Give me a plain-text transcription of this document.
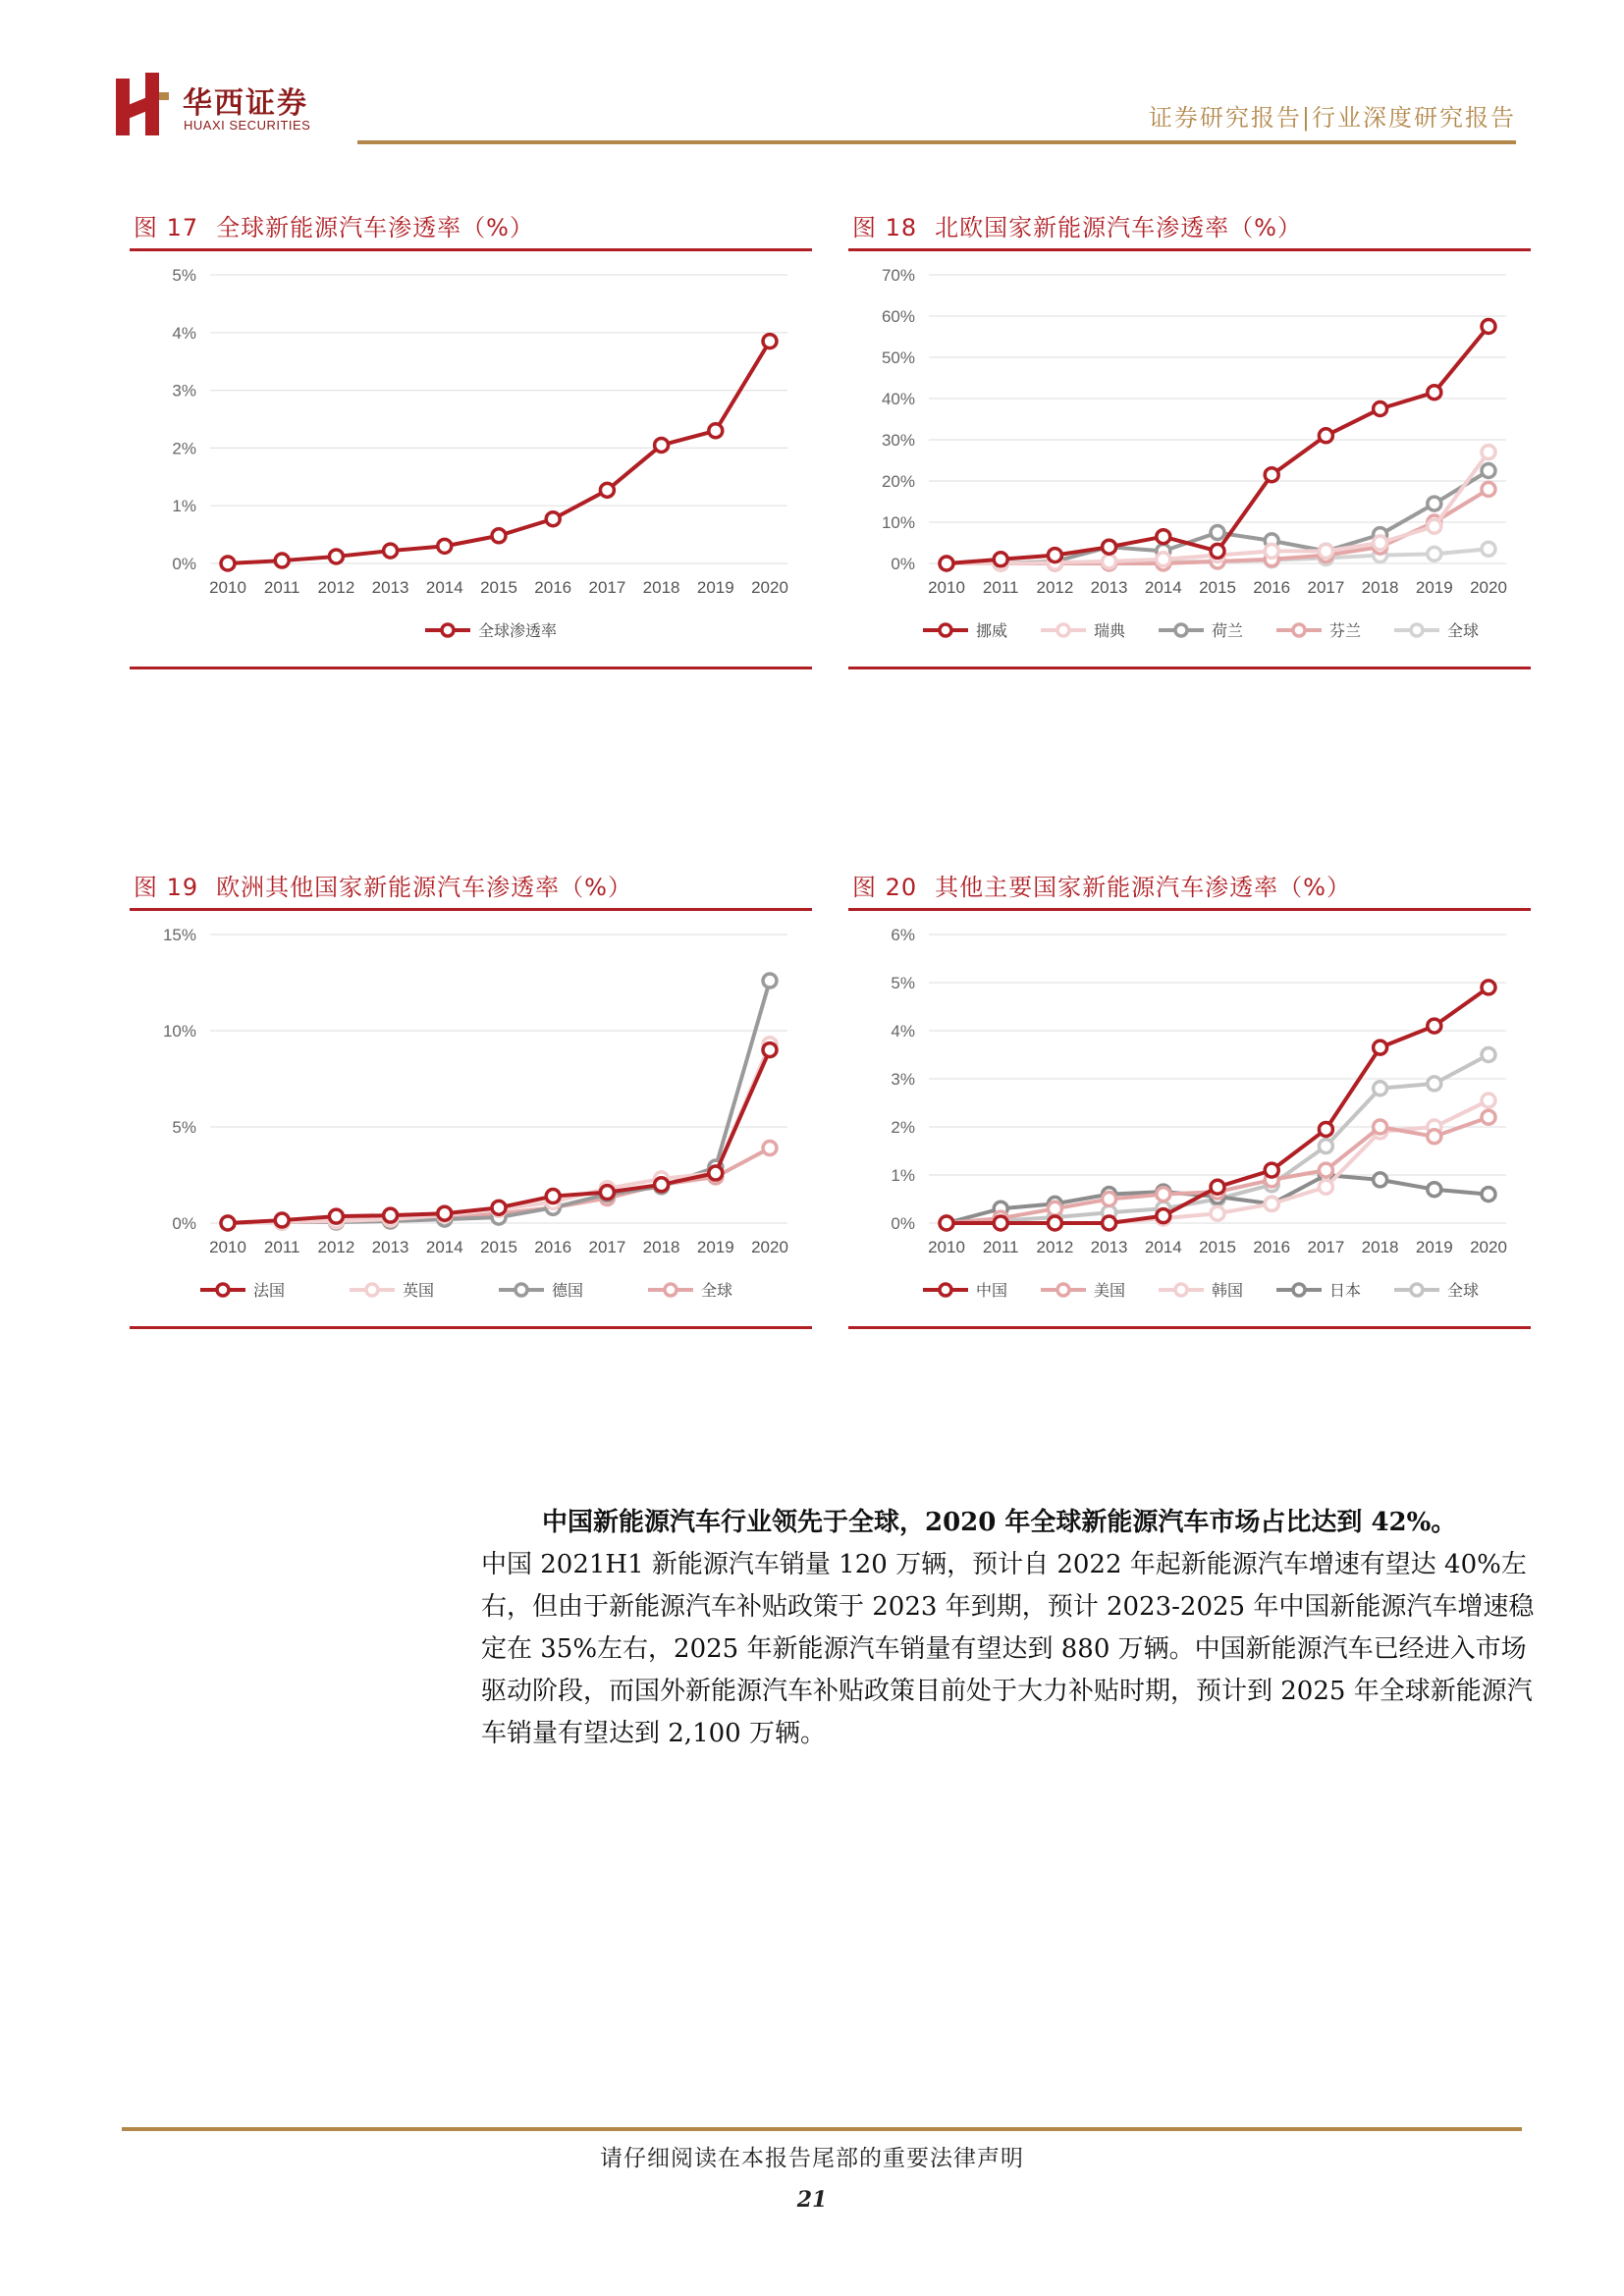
华西证券
HUAXI SECURITIES	证券研究报告|行业深度研究报告
图 17 全球新能源汽车渗透率（%）
0%
1%
2%
3%
4%
5%
2010 2011 2012 2013 2014 2015 2016 2017 2018 2019 2020
全球渗透率
图 18 北欧国家新能源汽车渗透率（%）
0%
10%
20%
30%
40%
50%
60%
70%
2010 2011 2012 2013 2014 2015 2016 2017 2018 2019 2020
挪威	瑞典	荷兰	芬兰	全球
图 19 欧洲其他国家新能源汽车渗透率（%）
0%
5%
10%
15%
2010 2011 2012 2013 2014 2015 2016 2017 2018 2019 2020
法国	英国	德国	全球
图 20 其他主要国家新能源汽车渗透率（%）
0%
1%
2%
3%
4%
5%
6%
2010 2011 2012 2013 2014 2015 2016 2017 2018 2019 2020
中国	美国	韩国	日本	全球

中国新能源汽车行业领先于全球，2020 年全球新能源汽车市场占比达到 42%。

中国 2021H1 新能源汽车销量 120 万辆，预计自 2022 年起新能源汽车增速有望达 40%左右，但由于新能源汽车补贴政策于 2023 年到期，预计 2023-2025 年中国新能源汽车增速稳定在 35%左右，2025 年新能源汽车销量有望达到 880 万辆。中国新能源汽车已经进入市场驱动阶段，而国外新能源汽车补贴政策目前处于大力补贴时期，预计到 2025 年全球新能源汽车销量有望达到 2,100 万辆。

请仔细阅读在本报告尾部的重要法律声明
21
